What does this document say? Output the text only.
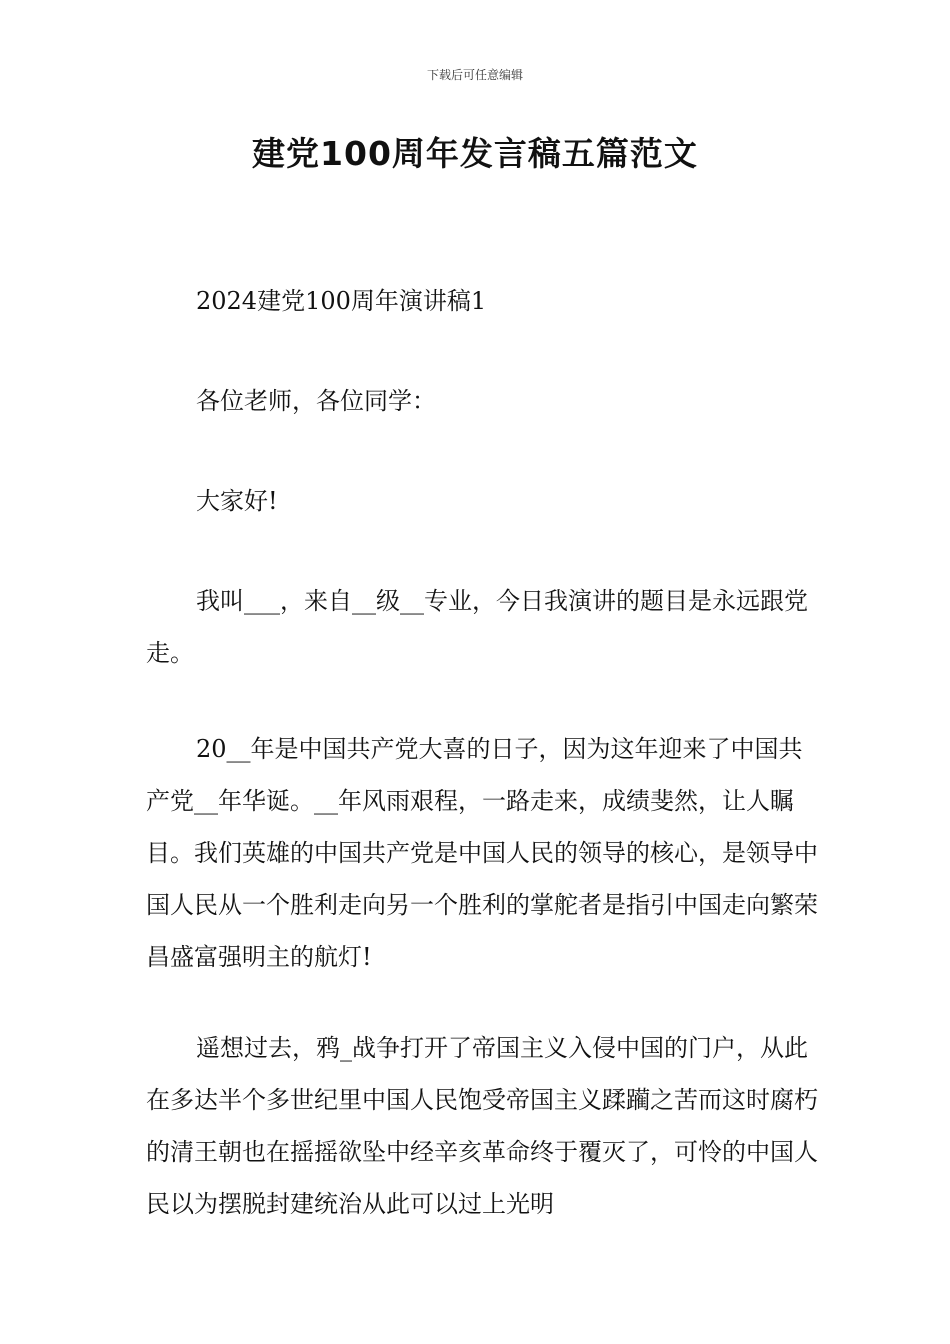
下载后可任意编辑
建党100周年发言稿五篇范文

2024建党100周年演讲稿1

各位老师，各位同学：

大家好!

我叫___，来自__级__专业，今日我演讲的题目是永远跟党走。

20__年是中国共产党大喜的日子，因为这年迎来了中国共产党__年华诞。__年风雨艰程，一路走来，成绩斐然，让人瞩目。我们英雄的中国共产党是中国人民的领导的核心，是领导中国人民从一个胜利走向另一个胜利的掌舵者是指引中国走向繁荣昌盛富强明主的航灯!

遥想过去，鸦_战争打开了帝国主义入侵中国的门户，从此在多达半个多世纪里中国人民饱受帝国主义蹂躏之苦而这时腐朽的清王朝也在摇摇欲坠中经辛亥革命终于覆灭了，可怜的中国人民以为摆脱封建统治从此可以过上光明
